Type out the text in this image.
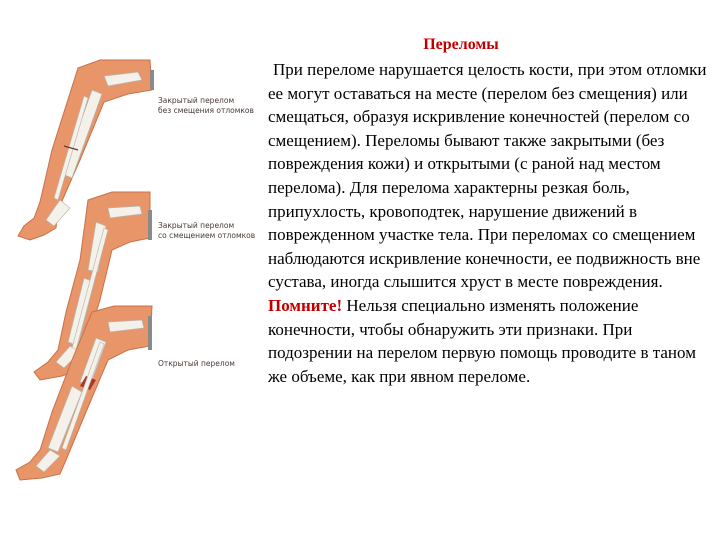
Закрытый перелом
без смещения отломков
Закрытый перелом
со смещением отломков
Открытый перелом
Переломы

При переломе нарушается целость кости, при этом отломки ее могут оставаться на месте (перелом без смещения) или смещаться, образуя искривление конечностей (перелом со смещением). Переломы бывают также закрытыми (без повреждения кожи) и открытыми (с раной над местом перелома). Для перелома характерны резкая боль, припухлость, кровоподтек, нарушение движений в поврежденном участке тела. При переломах со смещением наблюдаются искривление конечности, ее подвижность вне сустава, иногда слышится хруст в месте повреждения.

Помните! Нельзя специально изменять положение конечности, чтобы обнаружить эти признаки. При подозрении на перелом первую помощь проводите в таном же объеме, как при явном переломе.
